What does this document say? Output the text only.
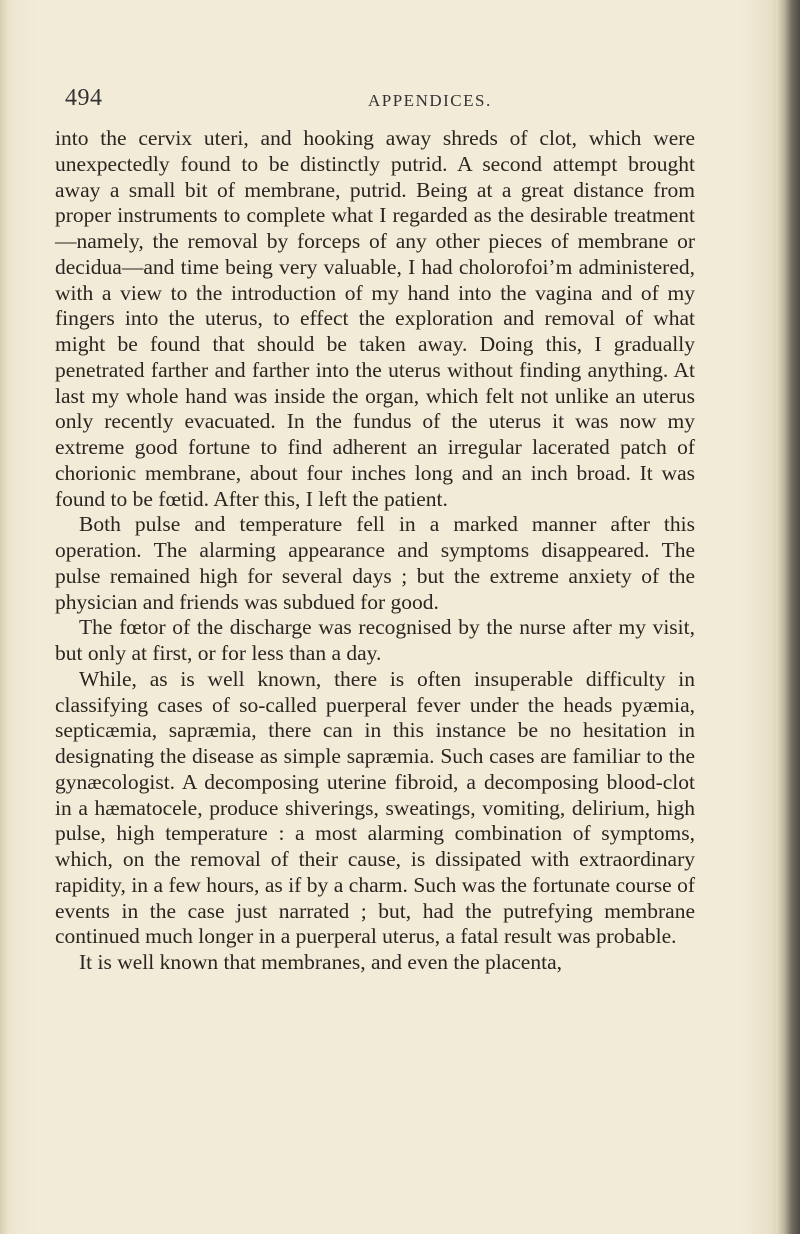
494	APPENDICES.

into the cervix uteri, and hooking away shreds of clot, which were unexpectedly found to be distinctly putrid. A second attempt brought away a small bit of membrane, putrid. Being at a great distance from proper instruments to complete what I regarded as the desirable treatment—namely, the removal by forceps of any other pieces of membrane or decidua—and time being very valuable, I had cholorofoi’m administered, with a view to the introduction of my hand into the vagina and of my fingers into the uterus, to effect the exploration and removal of what might be found that should be taken away. Doing this, I gradually penetrated farther and farther into the uterus without finding anything. At last my whole hand was inside the organ, which felt not unlike an uterus only recently evacuated. In the fundus of the uterus it was now my extreme good fortune to find adherent an irregular lacerated patch of chorionic membrane, about four inches long and an inch broad. It was found to be fœtid. After this, I left the patient.

Both pulse and temperature fell in a marked manner after this operation. The alarming appearance and symptoms disappeared. The pulse remained high for several days ; but the extreme anxiety of the physician and friends was subdued for good.

The fœtor of the discharge was recognised by the nurse after my visit, but only at first, or for less than a day.

While, as is well known, there is often insuperable difficulty in classifying cases of so-called puerperal fever under the heads pyæmia, septicæmia, sapræmia, there can in this instance be no hesitation in designating the disease as simple sapræmia. Such cases are familiar to the gynæcologist. A decomposing uterine fibroid, a decomposing blood-clot in a hæmatocele, produce shiverings, sweatings, vomiting, delirium, high pulse, high temperature : a most alarming combination of symptoms, which, on the removal of their cause, is dissipated with extraordinary rapidity, in a few hours, as if by a charm. Such was the fortunate course of events in the case just narrated ; but, had the putrefying membrane continued much longer in a puerperal uterus, a fatal result was probable.

It is well known that membranes, and even the placenta,
